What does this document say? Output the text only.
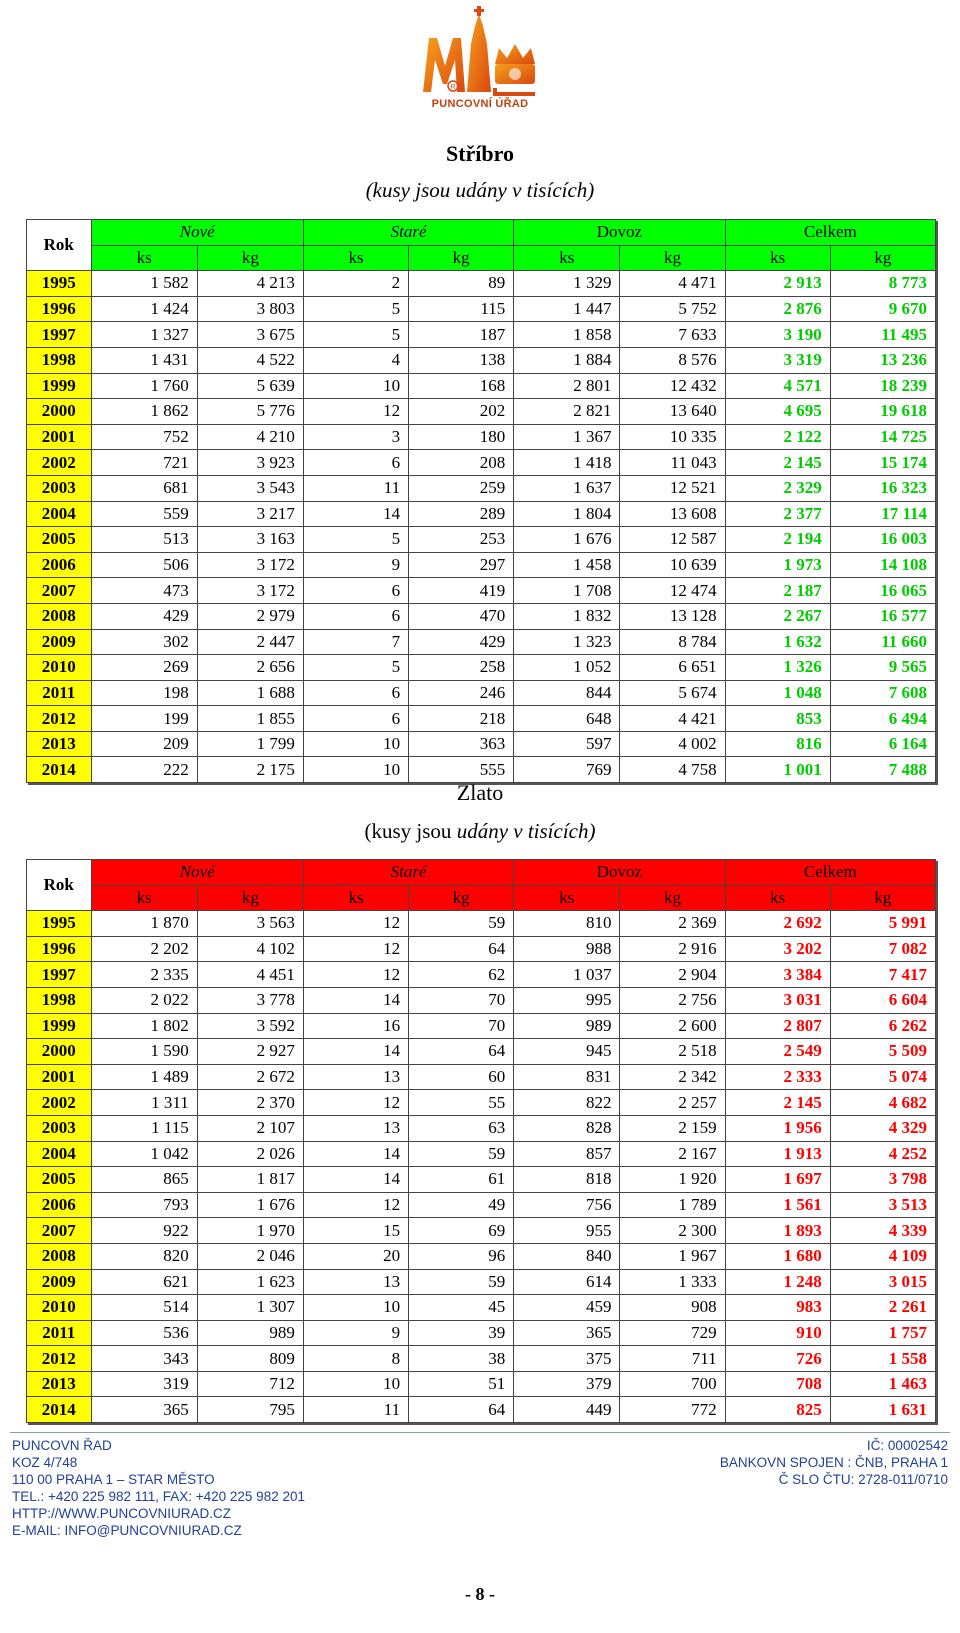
R
PUNCOVNÍ ÚŘAD
Stříbro
(kusy jsou udány v tisících)
Rok	Nové		Staré		Dovoz		Celkem	
	ks	kg	ks	kg	ks	kg	ks	kg
1995	1 582	4 213	2	89	1 329	4 471	2 913	8 773
1996	1 424	3 803	5	115	1 447	5 752	2 876	9 670
1997	1 327	3 675	5	187	1 858	7 633	3 190	11 495
1998	1 431	4 522	4	138	1 884	8 576	3 319	13 236
1999	1 760	5 639	10	168	2 801	12 432	4 571	18 239
2000	1 862	5 776	12	202	2 821	13 640	4 695	19 618
2001	752	4 210	3	180	1 367	10 335	2 122	14 725
2002	721	3 923	6	208	1 418	11 043	2 145	15 174
2003	681	3 543	11	259	1 637	12 521	2 329	16 323
2004	559	3 217	14	289	1 804	13 608	2 377	17 114
2005	513	3 163	5	253	1 676	12 587	2 194	16 003
2006	506	3 172	9	297	1 458	10 639	1 973	14 108
2007	473	3 172	6	419	1 708	12 474	2 187	16 065
2008	429	2 979	6	470	1 832	13 128	2 267	16 577
2009	302	2 447	7	429	1 323	8 784	1 632	11 660
2010	269	2 656	5	258	1 052	6 651	1 326	9 565
2011	198	1 688	6	246	844	5 674	1 048	7 608
2012	199	1 855	6	218	648	4 421	853	6 494
2013	209	1 799	10	363	597	4 002	816	6 164
2014	222	2 175	10	555	769	4 758	1 001	7 488
Zlato
(kusy jsou udány v tisících)
Rok	Nové		Staré		Dovoz		Celkem	
	ks	kg	ks	kg	ks	kg	ks	kg
1995	1 870	3 563	12	59	810	2 369	2 692	5 991
1996	2 202	4 102	12	64	988	2 916	3 202	7 082
1997	2 335	4 451	12	62	1 037	2 904	3 384	7 417
1998	2 022	3 778	14	70	995	2 756	3 031	6 604
1999	1 802	3 592	16	70	989	2 600	2 807	6 262
2000	1 590	2 927	14	64	945	2 518	2 549	5 509
2001	1 489	2 672	13	60	831	2 342	2 333	5 074
2002	1 311	2 370	12	55	822	2 257	2 145	4 682
2003	1 115	2 107	13	63	828	2 159	1 956	4 329
2004	1 042	2 026	14	59	857	2 167	1 913	4 252
2005	865	1 817	14	61	818	1 920	1 697	3 798
2006	793	1 676	12	49	756	1 789	1 561	3 513
2007	922	1 970	15	69	955	2 300	1 893	4 339
2008	820	2 046	20	96	840	1 967	1 680	4 109
2009	621	1 623	13	59	614	1 333	1 248	3 015
2010	514	1 307	10	45	459	908	983	2 261
2011	536	989	9	39	365	729	910	1 757
2012	343	809	8	38	375	711	726	1 558
2013	319	712	10	51	379	700	708	1 463
2014	365	795	11	64	449	772	825	1 631
PUNCOVN ŘAD
KOZ 4/748
110 00 PRAHA 1 – STAR MĚSTO
TEL.: +420 225 982 111, FAX: +420 225 982 201
HTTP://WWW.PUNCOVNIURAD.CZ
E-MAIL: INFO@PUNCOVNIURAD.CZ
IČ: 00002542
BANKOVN SPOJEN : ČNB, PRAHA 1
Č SLO ČTU: 2728-011/0710
- 8 -
